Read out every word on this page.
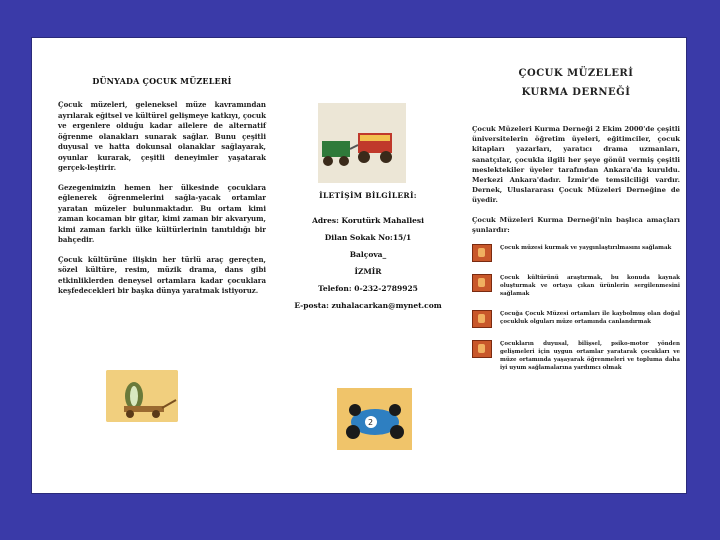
DÜNYADA ÇOCUK MÜZELERİ

Çocuk müzeleri, geleneksel müze kavramından ayrılarak eğitsel ve kültürel gelişmeye katkıyı, çocuk ve ergenlere olduğu kadar ailelere de alternatif öğrenme olanakları sunarak sağlar. Bunu çeşitli duyusal ve hatta dokunsal olanaklar sağlayarak, oyunlar kurarak, çeşitli deneyimler yaşatarak gerçek-leştirir.

Gezegenimizin hemen her ülkesinde çocuklara eğlenerek öğrenmelerini sağla-yacak ortamlar yaratan müzeler bulunmaktadır. Bu ortam kimi zaman kocaman bir gitar, kimi zaman bir akvaryum, kimi zaman farklı ülke kültürlerinin tanıtıldığı bir bahçedir.

Çocuk kültürüne ilişkin her türlü araç gereçten, sözel kültüre, resim, müzik drama, dans gibi etkinliklerden deneysel ortamlara kadar çocuklara keşfedecekleri bir başka dünya yaratmak istiyoruz.

İLETİŞİM BİLGİLERİ:
Adres: Korutürk Mahallesi
Dilan Sokak No:15/1
Balçova_
İZMİR
Telefon: 0-232-2789925
E-posta: zuhalacarkan@mynet.com
2
ÇOCUK MÜZELERİ
KURMA DERNEĞİ

Çocuk Müzeleri Kurma Derneği 2 Ekim 2000'de çeşitli üniversitelerin öğretim üyeleri, eğitimciler, çocuk kitapları yazarları, yaratıcı drama uzmanları, sanatçılar, çocukla ilgili her şeye gönül vermiş çeşitli meslektekiler üyeler tarafından Ankara'da kuruldu. Merkezi Ankara'dadır. İzmir'de temsilciliği vardır. Dernek, Uluslararası Çocuk Müzeleri Derneğine de üyedir.

Çocuk Müzeleri Kurma Derneği'nin başlıca amaçları şunlardır:

Çocuk müzesi kurmak ve yaygınlaştırılmasını sağlamak
Çocuk kültürünü araştırmak, bu konuda kaynak oluşturmak ve ortaya çıkan ürünlerin sergilenmesini sağlamak
Çocuğa Çocuk Müzesi ortamları ile kaybolmuş olan doğal çocukluk olguları müze ortamında canlandırmak
Çocukların duyusal, bilişsel, psiko-motor yönden gelişmeleri için uygun ortamlar yaratarak çocukları ve müze ortamında yaşayarak öğrenmeleri ve topluma daha iyi uyum sağlamalarına yardımcı olmak
